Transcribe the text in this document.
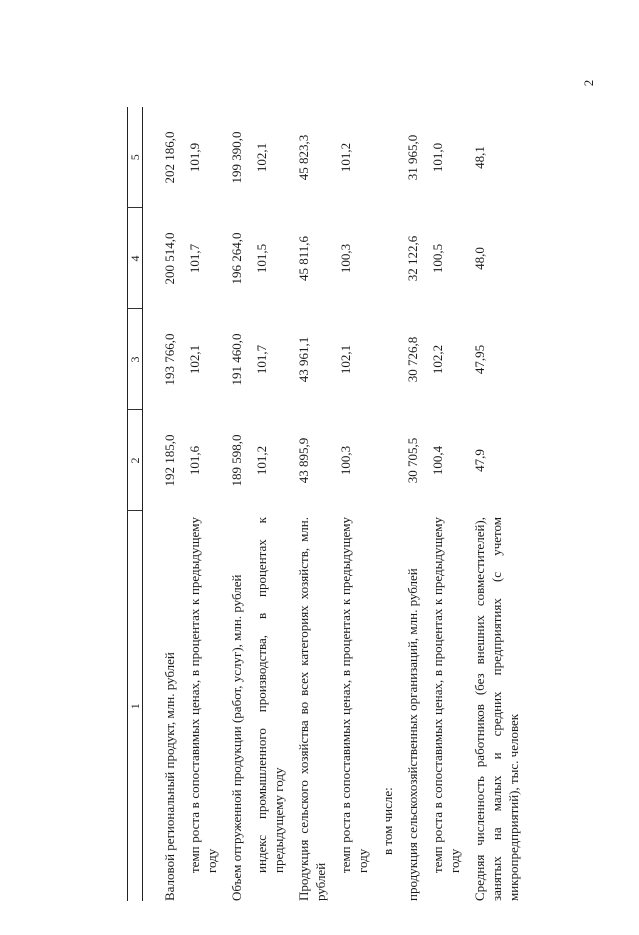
2
1	2	3	4	5

Валовой региональный продукт, млн. рублей	192 185,0	193 766,0	200 514,0	202 186,0
темп роста в сопоставимых ценах, в процентах к предыдущему году	101,6	102,1	101,7	101,9
Объем отгруженной продукции (работ, услуг), млн. рублей	189 598,0	191 460,0	196 264,0	199 390,0
индекс промышленного производства, в процентах к предыдущему году	101,2	101,7	101,5	102,1
Продукция сельского хозяйства во всех категориях хозяйств, млн. рублей	43 895,9	43 961,1	45 811,6	45 823,3
темп роста в сопоставимых ценах, в процентах к предыдущему году	100,3	102,1	100,3	101,2
в том числе:				
продукция сельскохозяйственных организаций, млн. рублей	30 705,5	30 726,8	32 122,6	31 965,0
темп роста в сопоставимых ценах, в процентах к предыдущему году	100,4	102,2	100,5	101,0
Средняя численность работников (без внешних совместителей), занятых на малых и средних предприятиях (с учетом микропредприятий), тыс. человек	47,9	47,95	48,0	48,1
